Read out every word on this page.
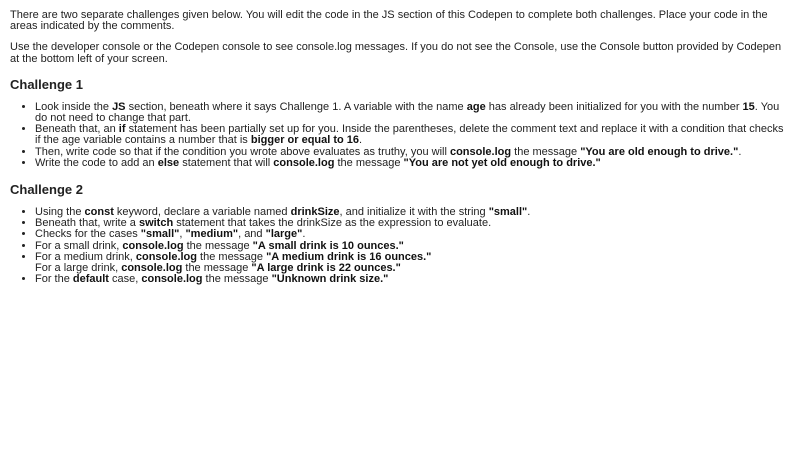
There are two separate challenges given below. You will edit the code in the JS section of this Codepen to complete both challenges. Place your code in the areas indicated by the comments.

Use the developer console or the Codepen console to see console.log messages. If you do not see the Console, use the Console button provided by Codepen at the bottom left of your screen.

Challenge 1
• Look inside the JS section, beneath where it says Challenge 1. A variable with the name age has already been initialized for you with the number 15. You do not need to change that part.
• Beneath that, an if statement has been partially set up for you. Inside the parentheses, delete the comment text and replace it with a condition that checks if the age variable contains a number that is bigger or equal to 16.
• Then, write code so that if the condition you wrote above evaluates as truthy, you will console.log the message "You are old enough to drive.".
• Write the code to add an else statement that will console.log the message "You are not yet old enough to drive."
Challenge 2
• Using the const keyword, declare a variable named drinkSize, and initialize it with the string "small".
• Beneath that, write a switch statement that takes the drinkSize as the expression to evaluate.
• Checks for the cases "small", "medium", and "large".
• For a small drink, console.log the message "A small drink is 10 ounces."
• For a medium drink, console.log the message "A medium drink is 16 ounces."
For a large drink, console.log the message "A large drink is 22 ounces."
• For the default case, console.log the message "Unknown drink size."
